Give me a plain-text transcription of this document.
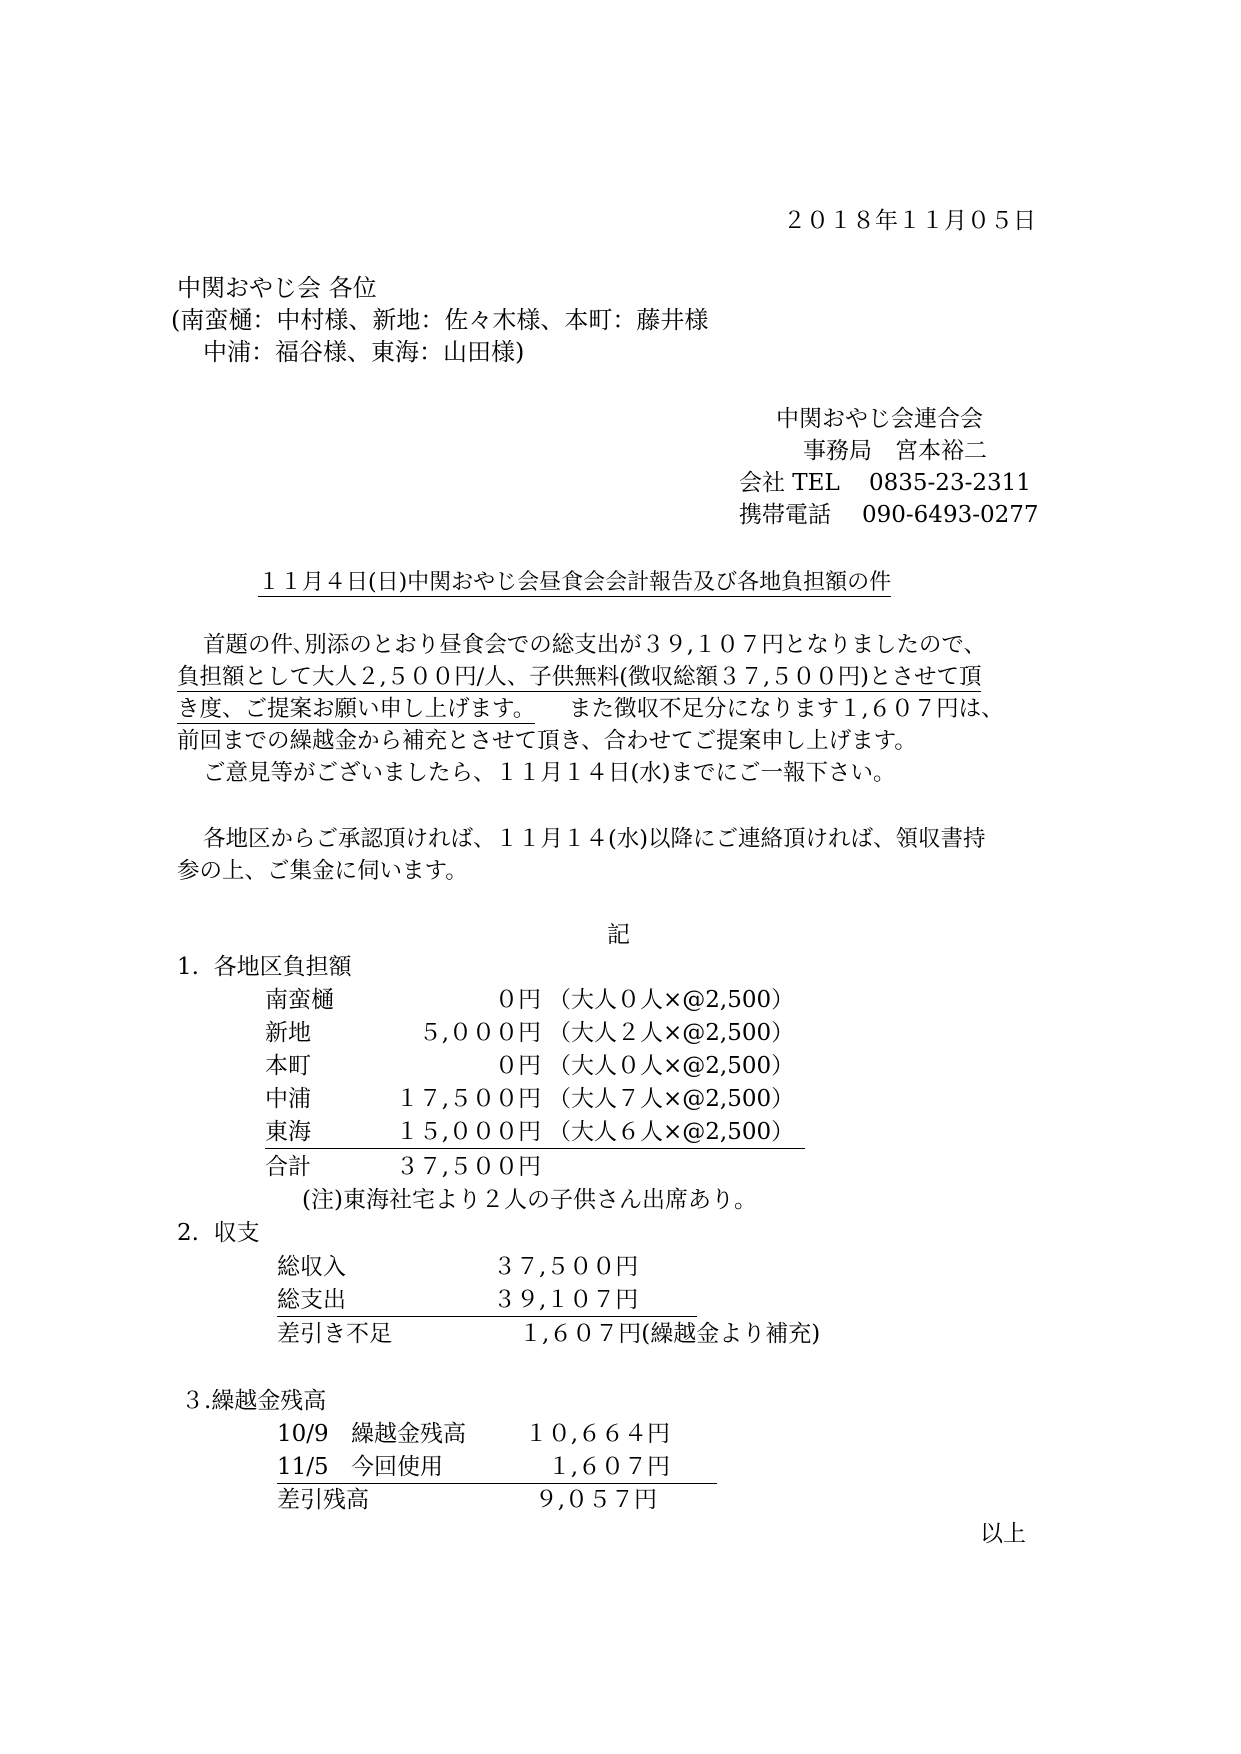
２０１８年１１月０５日
中関おやじ会 各位
(南蛮樋：中村様、新地：佐々木様、本町：藤井様
中浦：福谷様、東海：山田様)
中関おやじ会連合会
事務局　宮本裕二
会社 TEL 0835-23-2311
携帯電話 090-6493-0277
１１月４日(日)中関おやじ会昼食会会計報告及び各地負担額の件
首題の件､別添のとおり昼食会での総支出が３９,１０７円となりましたので、
負担額として大人２,５００円/人、子供無料(徴収総額３７,５００円)とさせて頂
き度、ご提案お願い申し上げます。 また徴収不足分になります１,６０７円は、
前回までの繰越金から補充とさせて頂き、合わせてご提案申し上げます。
ご意見等がございましたら、１１月１４日(水)までにご一報下さい。
各地区からご承認頂ければ、１１月１４(水)以降にご連絡頂ければ、領収書持
参の上、ご集金に伺います。
記
1.  各地区負担額
南蛮樋	０円 （大人０人×@2,500）
新地	５,０００円 （大人２人×@2,500）
本町	０円 （大人０人×@2,500）
中浦	１７,５００円 （大人７人×@2,500）
東海	１５,０００円 （大人６人×@2,500）
合計	３７,５００円
(注)東海社宅より２人の子供さん出席あり。
2.  収支
総収入	３７,５００円
総支出	３９,１０７円
差引き不足	１,６０７円(繰越金より補充)
３.繰越金残高
10/9 繰越金残高	１０,６６４円
11/5 今回使用	１,６０７円
差引残高	９,０５７円
以上
